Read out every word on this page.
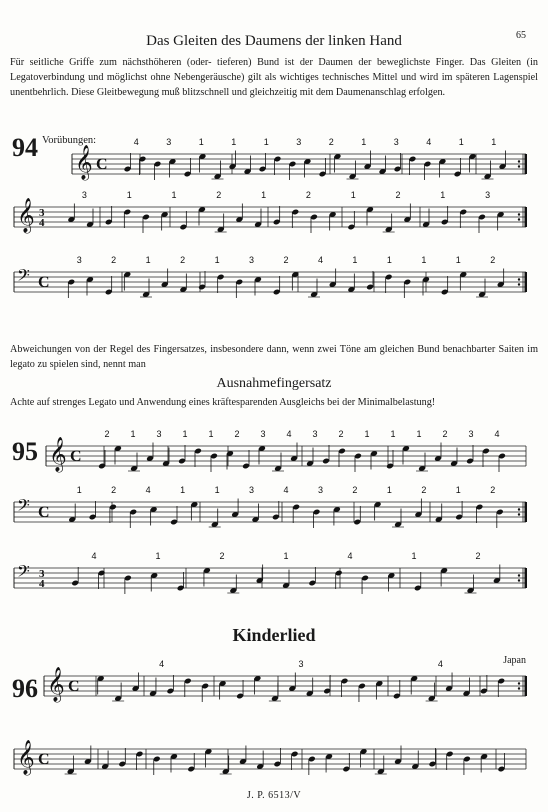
65
Das Gleiten des Daumens der linken Hand
Für seitliche Griffe zum nächsthöheren (oder- tieferen) Bund ist der Daumen der beweglichste Finger. Das Gleiten (in Legatoverbindung und möglichst ohne Nebengeräusche) gilt als wichtiges technisches Mittel und wird im späteren Lagenspiel unentbehrlich. Diese Gleitbewegung muß blitzschnell und gleichzeitig mit dem Daumenanschlag erfolgen.
Vorübungen:
94
Abweichungen von der Regel des Fingersatzes, insbesondere dann, wenn zwei Töne am gleichen Bund benachbarter Saiten im legato zu spielen sind, nennt man
Ausnahmefingersatz
Achte auf strenges Legato und Anwendung eines kräftesparenden Ausgleichs bei der Minimalbelastung!
95
Kinderlied
Japan
96
J. P. 6513/V
𝄞 C
4	3	1	1	1	3	2	1	3	4	1	1
𝄞 3
4
3	1	1	2	1	2	1	2	1	3
𝄢 C
3	2	1	2	1	3	2	4	1	1	1	1	2
𝄞 C
2 1 3 1 1 2 3 4 3 2 1 1 1 2 3 4
𝄢 C
1	2	4	1	1	3	4	3	2	1	2	1	2
𝄢 3
4
4	1	2	1	4	1	2
𝄞 C
4	3	4
𝄞 C
